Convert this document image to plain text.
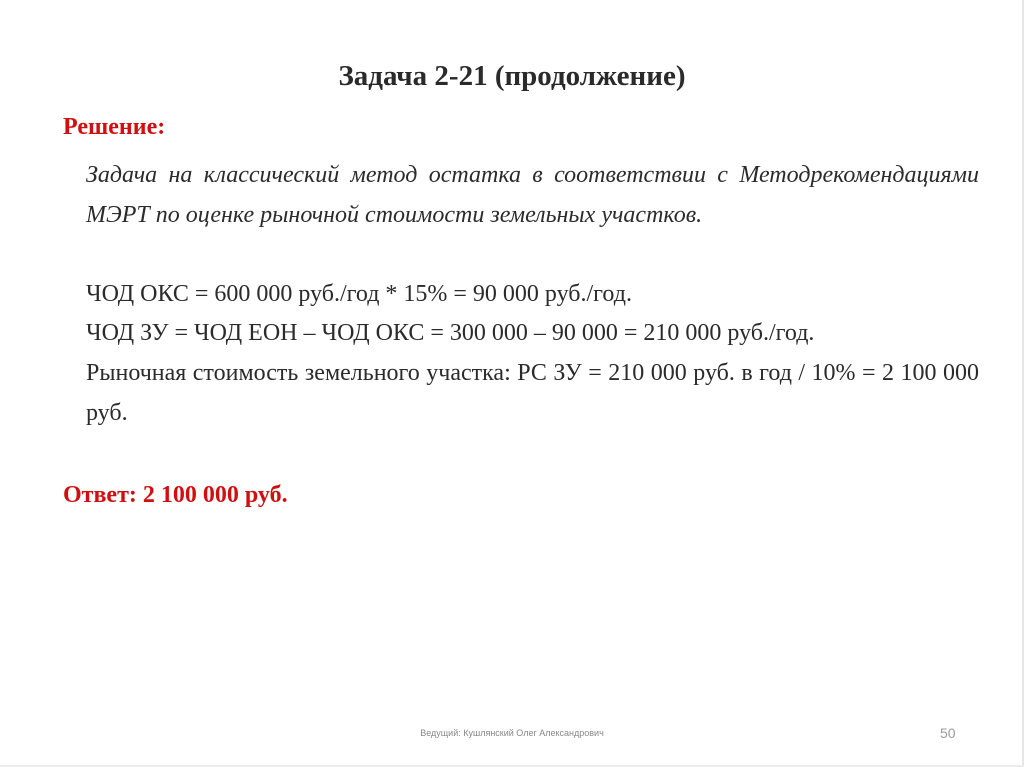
Задача 2-21 (продолжение)
Решение:
Задача на классический метод остатка в соответствии с Методрекомендациями МЭРТ по оценке рыночной стоимости земельных участков.
ЧОД ОКС = 600 000 руб./год * 15% = 90 000 руб./год.
ЧОД ЗУ = ЧОД ЕОН – ЧОД ОКС = 300 000 – 90 000 = 210 000 руб./год.
Рыночная стоимость земельного участка: РС ЗУ = 210 000 руб. в год / 10% = 2 100 000 руб.
Ответ: 2 100 000 руб.
Ведущий: Кушлянский Олег Александрович	50
